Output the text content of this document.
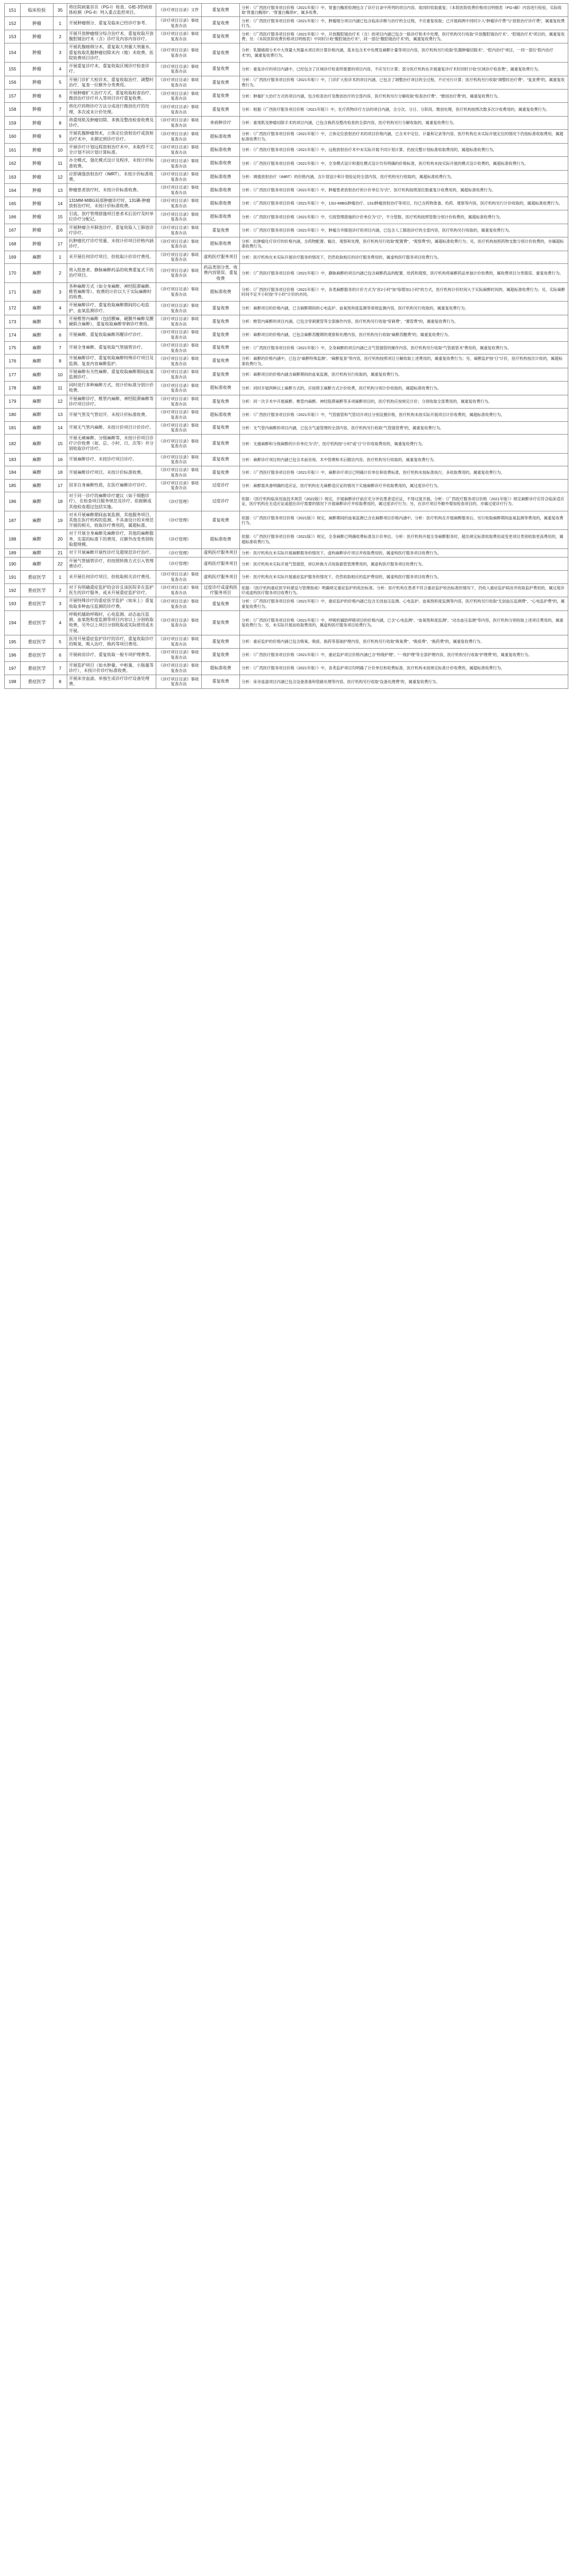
151	临床检验	35	将住院病案首页（PG-I）检查、G植-3型病原体检测（PG-II）列入重点监控项目。	《诊疗项目目录》文件	重复收费	分析：《广西医疗服务项目价格（2021年版）》中，胃蛋白酶原检测包含了诊疗目录中所列的项目内容，故同时收取重复；《本院医院收费价格项目明细表（PG-I解）内容进行检验，实际收取“胃蛋白酶原I”、“胃蛋白酶原II”，属多收费。
152	肿瘤	1	开展肿瘤细分、重复及临床已经诊疗参考。	《诊疗项目目录》事故复查办法	重复收费	分析：《广西医疗服务项目价格（2021年版）》中，肿瘤细分项目内涵已包含临床诊断与治疗的全过程，不应重复收取；已开展病例中同时计入“肿瘤诊疗费”与“放射治疗诊疗费”，属重复收费行为。
153	肿瘤	2	开展开放肿瘤细分综合治疗术、重复收取开放腹腔镜治疗术（含）诊疗及内容内容诊疗。	《诊疗项目目录》事故复查办法	重复收费	分析：《广西医疗服务项目价格（2021年版）》中，开放腹腔镜治疗术（含）的项目内涵已包含一般诊疗和术中处理，医疗机构另行收取“开放腹腔镜治疗术”、“腔镜治疗术”项目的，属重复收费；另：《本院医院收费价格项目明细表》中同时计收“腹腔镜治疗术”、同一部位“腹腔镜治疗术”的，属重复收费行为。
154	肿瘤	3	开展乳腺癌细分术、重复取大剂量大剂量水、重复收取乳腺肿瘤切除术内（缩）术收费。医院收费项目诊疗。	《诊疗项目目录》事故复查办法	重复收费	分析：乳腺癌细分术中大剂量大剂量水项目的计算价格内涵，基本包含术中处理及麻醉计量等项目内容，医疗机构另行收取“乳腺肿瘤切除术”、“腔内治疗”项目，一同一部位“腔内治疗术”的，属重复收费行为。
155	肿瘤	4	开展重复诊疗术、重复收取区域诊疗检查诊疗。	《诊疗项目目录》事故复查办法	重复收费	分析：重复诊疗的项目内涵中，已经包含了区域诊疗检查所需要的项目内容，不应另行计算；部分医疗机构在开展重复诊疗术时同时计收“区域诊疗检查费”，属重复收费行为。
156	肿瘤	5	开展门诊扩大检诊术、重复收取治疗、调整时治疗、复查一位额外分类费用。	《诊疗项目目录》事故复查办法	重复收费	分析：《广西医疗服务项目价格（2021年版）》中，门诊扩大检诊术的项目内涵，已包含了调整治疗项目的全过程，不应另行计算；医疗机构另行收取“调整时治疗费”、“复查费”的，属重复收费行为。
157	肿瘤	6	开展肿瘤扩大治疗方式、重复收取检查治疗、微创治疗诊疗并入等项目诊疗重复收费。	《诊疗项目目录》事故复查办法	重复收费	分析：肿瘤扩大治疗方式的项目内涵，包含检查治疗及微创治疗的全部内容，医疗机构另行分解收取“检查治疗费”、“微创治疗费”的，属重复收费行为。
158	肿瘤	7	将化疗药物诊疗方法分成进行微创化疗的处理，多次或未计价处理。	《诊疗项目目录》事故复查办法	重复收费	分析：根据《广西医疗服务项目价格（2021年版）》中，化疗药物诊疗方法的项目内涵，含分次、分日、分阶段、微创处理，医疗机构按照次数多次计收费用的，属重复收费行为。
159	肿瘤	8	将重现肌及肿瘤切除、多换及整改检查收费及诊疗。	《诊疗项目目录》事故复查办法	单病种诊疗	分析：重现肌及肿瘤切除手术的项目内涵，已包含换药及整改检查的全部内容，医疗机构另行分解收取的，属重复收费行为。
160	肿瘤	9	开展乳腺肿瘤剂术，立体定位放射治疗或放射治疗术中，未测定到诊疗诊疗。	《诊疗项目目录》事故复查办法	超标准收费	分析：《广西医疗服务项目价格（2021年版）》中，立体定位放射治疗术的项目价格内涵，已含术中定位、计量和记录等内容，医疗机构在未实际开展定位的情况下仍按标准收取费用，属超标准收费行为。
161	肿瘤	10	开展诊疗计划远程放射治疗术中，未取得不完全计划不同计划计算标准。	《诊疗项目目录》事故复查办法	超标准收费	分析：《广西医疗服务项目价格（2021年版）》中，远程放射治疗术中未实际开展不同计划计算、仍按完整计划标准收取费用的，属超标准收费行为。
162	肿瘤	11	办全模式、强化模式设计及程序，未按计价标准收费。	《诊疗项目目录》事故复查办法	超标准收费	分析：《广西医疗服务项目价格（2021年版）》中，全身模式设计和强化模式设计均有明确的价格标准，医疗机构未按实际开展的模式设计收费的，属超标准收费行为。
163	肿瘤	12	应即调强放射治疗（IMRT），未按计价标准收费。	《诊疗项目目录》事故复查办法	超标准收费	分析：调强放射治疗（IMRT）的价格内涵，含计划设计和计划验证的全部内容，医疗机构另行收取的，属超标准收费行为。
164	肿瘤	13	肿瘤患者放疗时，未按计价标准收费。	《诊疗项目目录》事故复查办法	超标准收费	分析：《广西医疗服务项目价格（2021年版）》中，肿瘤患者放射治疗的计价单位为“次”，医疗机构按照部位数重复计收费用的，属超标准收费行为。
165	肿瘤	14	131MM-MIBG局部肿瘤诊疗时、131碘-肿瘤放射治疗时，未按计价标准收费。	《诊疗项目目录》事故复查办法	超标准收费	分析：《广西医疗服务项目价格（2021年版）》中，131I-MIBG肿瘤治疗、131I肿瘤放射治疗等项目，均已含药物准备、给药、观察等内容，医疗机构另行计价收取的，属超标准收费行为。
166	肿瘤	15	引流、放疗管理措施项目患者术后治疗及时单位诊疗分配记。	《诊疗项目目录》事故复查办法	超标准收费	分析：《广西医疗服务项目价格（2021年版）》中，引流管理措施的计价单位为“日”，不分管数，医疗机构按照管数分别计价收费的，属超标准收费行为。
167	肿瘤	16	开展肿瘤合并肺泡诊疗、重复收取人工肺泡诊疗诊疗。	《诊疗项目目录》事故复查办法	重复收费	分析：《广西医疗服务项目价格（2021年版）》中，肿瘤合并肺泡诊疗的项目内涵，已包含人工肺泡诊疗的全部内容，医疗机构另行收取的，属重复收费行为。
168	肿瘤	17	抗肿瘤化疗诊疗用量、未按计价项目价格内涵诊疗。	《诊疗项目目录》事故复查办法	超标准收费	分析：抗肿瘤化疗诊疗的价格内涵，含药物配置、输注、观察和处理，医疗机构另行收取“配置费”、“观察费”的，属超标准收费行为；另，医疗机构按照药物支数分别计价收费的，亦属超标准收费行为。
169	麻醉	1	未开展任何诊疗项目、但收取计价诊疗费用。	《诊疗项目目录》事故复查办法	虚构医疗服务项目	分析：医疗机构在未实际开展诊疗服务的情况下，仍然收取相应的诊疗服务费用的，属虚构医疗服务项目收费行为。
170	麻醉	2	将入组患者、静脉麻醉药品的收费重复式下的治疗项目。	《诊疗项目目录》事故复查办法	药品类别分类、收费内容错误、重复收费	分析：《广西医疗服务项目价格（2021年版）》中，静脉麻醉的项目内涵已包含麻醉药品的配置、给药和观察，医疗机构将麻醉药品单独计价收费的，属收费项目分类错误、重复收费行为。
171	麻醉	3	各种麻醉方式（如全身麻醉、神经阻滞麻醉、椎管麻醉等）、收费的计价以大于实际麻醉时的收费。	《诊疗项目目录》事故复查办法	超标准收费	分析：《广西医疗服务项目价格（2021年版）》中，各类麻醉服务的计价方式为“首2小时”加“每增加1小时”的方式，医疗机构计价时间大于实际麻醉时间的，属超标准收费行为；另，实际麻醉时间不足半小时按“半小时”计价的亦同。
172	麻醉	4	开展麻醉诊疗、重复收取麻醉期间的心电监护、血氧监测诊疗。	《诊疗项目目录》事故复查办法	重复收费	分析：麻醉项目的价格内涵，已含麻醉期间的心电监护、血氧饱和度监测等常规监测内容，医疗机构另行收取的，属重复收费行为。
173	麻醉	5	开展椎管内麻醉（包括腰麻、硬膜外麻醉及腰硬联合麻醉），重复收取麻醉穿刺诊疗费用。	《诊疗项目目录》事故复查办法	重复收费	分析：椎管内麻醉的项目内涵，已包含穿刺置管等全部操作内容，医疗机构另行收取“穿刺费”、“置管费”的，属重复收费行为。
174	麻醉	6	开展麻醉、重复收取麻醉苏醒诊疗诊疗。	《诊疗项目目录》事故复查办法	重复收费	分析：麻醉项目的价格内涵，已包含麻醉苏醒期的观察和处理内容，医疗机构另行收取“麻醉苏醒费”的，属重复收费行为。
175	麻醉	7	开展全身麻醉、重复收取气管插管诊疗。	《诊疗项目目录》事故复查办法	重复收费	分析：《广西医疗服务项目价格（2021年版）》中，全身麻醉的项目内涵已含气管插管的操作内容，医疗机构另行收取“气管插管术”费用的，属重复收费行为。
176	麻醉	8	开展麻醉诊疗、重复收取麻醉特殊诊疗项目及监测、复查内容麻醉监护。	《诊疗项目目录》事故复查办法	重复收费	分析：麻醉的价格内涵中，已包含“麻醉特殊监测”、“麻醉复查”等内容，医疗机构按照项目分解收取上述费用的，属重复收费行为；另，麻醉监护按“日”计价，医疗机构按次计收的，属超标准收费行为。
177	麻醉	10	开展麻醉有关性麻醉、重复收取麻醉期间血氧监测诊疗。	《诊疗项目目录》事故复查办法	重复收费	分析：麻醉项目的价格内涵含麻醉期间的血氧监测，医疗机构另行收取的，属重复收费行为。
178	麻醉	11	同时进行多种麻醉方式，按计价标准分别计价收费。	《诊疗项目目录》事故复查办法	超标准收费	分析：同时开展两种以上麻醉方式的，应按照主麻醉方式计价收费，医疗机构分别计价收取的，属超标准收费行为。
179	麻醉	12	开展麻醉诊疗、椎管内麻醉、神经阻滞麻醉等诊疗项目诊疗。	《诊疗项目目录》事故复查办法	重复收费	分析：同一次手术中开展麻醉、椎管内麻醉、神经阻滞麻醉等多项麻醉项目的，医疗机构应按规定计价；分别收取全部费用的，属重复收费行为。
180	麻醉	13	开展气管及气管切开、未按计价标准收费。	《诊疗项目目录》事故复查办法	超标准收费	分析：《广西医疗服务项目价格（2021年版）》中，气管插管和气管切开项目分别设置价格，医疗机构未按实际开展项目计价收费的，属超标准收费行为。
181	麻醉	14	开展无气管内麻醉、未按计价项目计价诊疗。	《诊疗项目目录》事故复查办法	重复收费	分析：无气管内麻醉的项目内涵，已包含气道管理的全部内容，医疗机构另行收取“气管插管费”的，属重复收费行为。
182	麻醉	15	开展无痛麻醉、分级麻醉等，未按计价项目诊疗计价收费（如、总、小时、日、次等）并分别收取诊疗诊疗。	《诊疗项目目录》事故复查办法	重复收费	分析：无痛麻醉和分级麻醉的计价单位为“次”，医疗机构按“小时”或“日”计价收取费用的，属重复收费行为。
183	麻醉	16	开展麻醉诊疗、未按诊疗项目诊疗。	《诊疗项目目录》事故复查办法	重复收费	分析：麻醉诊疗项目的内涵已包含术前访视、术中管理和术后随访内容，医疗机构另行收取的，属重复收费行为。
184	麻醉	18	开展麻醉诊疗项目、未按计价标准收费。	《诊疗项目目录》事故复查办法	重复收费	分析：《广西医疗服务项目价格（2021年版）》中，麻醉诊疗项目已明确计价单位和收费标准，医疗机构未按标准执行，多收取费用的，属重复收费行为。
185	麻醉	17	因非自身麻醉性质，在医疗麻醉诊疗诊疗。	《诊疗项目目录》事故复查办法	过度诊疗	分析：麻醉需具备明确的适应证，医疗机构在无麻醉适应证的情况下实施麻醉诊疗并收取费用的，属过度诊疗行为。
186	麻醉	18	对于同一诊疗的麻醉诊疗建议（如干细胞诊疗），在检查项目服务规范及诊疗、依据额或其他检查超过包括实施。	《诊疗管理》	过度诊疗	依据：《医疗机构临床用血技术规范（2022版）》规定，开展麻醉诊疗前应充分评估患者适应证，不得过度开展。分析：《广西医疗服务项目价格（2021年版）》规定麻醉诊疗应符合临床适应证，医疗机构在无适应证或超出诊疗需要的情况下开展麻醉诊疗并收取费用的，属过度诊疗行为；另，在诊疗项目外额外增加检查项目的，亦属过度诊疗行为。
187	麻醉	19	对未开展麻醉期间血氧监测、其他服务项目、其他在医疗机构的监测、不具备设计的未规范开展的相关、收取诊疗费用的，属超标准。	《诊疗管理》	重复收费	依据：《广西医疗服务项目价格（2021版）》规定，麻醉期间的血氧监测已含在麻醉项目价格内涵中。分析：医疗机构在开展麻醉服务后，另行收取麻醉期间血氧监测等费用的，属重复收费行为。
188	麻醉	20	对于开展全身麻醉及麻醉诊疗，其他的麻醉服务、实需的标准下的费用、应额外改变类别收取超规模。	《诊疗管理》	超标准收费	依据：《广西医疗服务项目价格（2021版）》规定，全身麻醉已明确收费标准及计价单位。分析：医疗机构开展全身麻醉服务时，超出规定标准收取费用或变更项目类别收取更高费用的，属超标准收费行为。
189	麻醉	21	对于开展麻醉开展性诊疗及超规范诊疗治疗。	《诊疗管理》	虚构医疗服务项目	分析：医疗机构在未实际开展麻醉服务的情况下，虚构麻醉诊疗项目并收取费用的，属虚构医疗服务项目收费行为。
190	麻醉	22	开展气管插管诊疗、但按照转换方式引入管理费诊疗。	《诊疗管理》	虚构医疗服务项目	分析：医疗机构未实际开展气管插管，却以转换方式收取插管管理费用的，属虚构医疗服务项目收费行为。
191	重症医学	1	未开展任何诊疗项目、但收取相关诊疗费用。	《诊疗项目目录》事故复查办法	虚构医疗服务项目	分析：医疗机构在未实际开展重症监护服务的情况下，仍然收取相应的监护费用的，属虚构医疗服务项目收费行为。
192	重症医学	2	对于有明确重症监护的会诊且该医院非在监护医生的诊疗服务，或未开展重症监护诊疗。	《诊疗项目目录》事故复查办法	过度诊疗或虚构医疗服务项目	依据：《医疗机构重症医学科建设与管理指南》明确规定重症监护的收治标准。分析：医疗机构在患者不符合重症监护收治标准的情况下，仍收入重症监护病房并收取监护费用的，属过度诊疗或虚构医疗服务项目收费行为。
193	重症医学	3	开展特殊诊疗的重症医学监护（如床上）重复收取多种血压监测的诊疗费。	《诊疗项目目录》事故复查办法	重复收费	分析：《广西医疗服务项目价格（2021年版）》中，重症监护的价格内涵已包含无创血压监测、心电监护、血氧饱和度监测等内容，医疗机构另行收取“无创血压监测费”、“心电监护费”的，属重复收费行为。
194	重症医学	4	呼吸机辅助呼吸时，心电监测、动态血压监测、血氧饱和度监测等项目内容以上分别收取收费，另外以上项目分别收取或实际使用或未开展。	《诊疗项目目录》事故复查办法	重复收费	分析：《广西医疗服务项目价格（2021年版）》中，呼吸机辅助呼吸项目的价格内涵，已含“心电监测”、“血氧饱和度监测”、“动态血压监测”等内容，医疗机构分别收取上述项目费用的，属重复收费行为；另，未实际开展而收取费用的，属虚构医疗服务项目收费行为。
195	重症医学	5	医用开展重症监护诊疗的诊疗，重复收取诊疗的吸氧、吸入治疗、换药等项目费用。	《诊疗项目目录》事故复查办法	重复收费	分析：重症监护的价格内涵已包含吸氧、吸痰、换药等基础护理内容，医疗机构另行收取“吸氧费”、“吸痰费”、“换药费”的，属重复收费行为。
196	重症医学	6	开展病房诊疗、重复收取一般专项护理费等。	《诊疗项目目录》事故复查办法	重复收费	分析：《广西医疗服务项目价格（2021年版）》中，重症监护项目价格内涵已含“特级护理”、“一级护理”等全部护理内容，医疗机构另行收取“护理费”的，属重复收费行为。
197	重症医学	7	开展监护项目（如水肿量、中枢量、小肠量等诊疗），未按计价诊疗标准收费。	《诊疗项目目录》事故复查办法	超标准收费	分析：《广西医疗服务项目价格（2021年版）》中，各类监护项目均明确了计价单位和收费标准，医疗机构未按规定标准计价收费的，属超标准收费行为。
198	重症医学	8	开展床旁血滤、单独生成诊疗诊疗设备处理费。	《诊疗项目目录》事故复查办法	重复收费	分析：床旁血滤项目内涵已包含设备准备和管路处理等内容，医疗机构另行收取“设备处理费”的，属重复收费行为。
